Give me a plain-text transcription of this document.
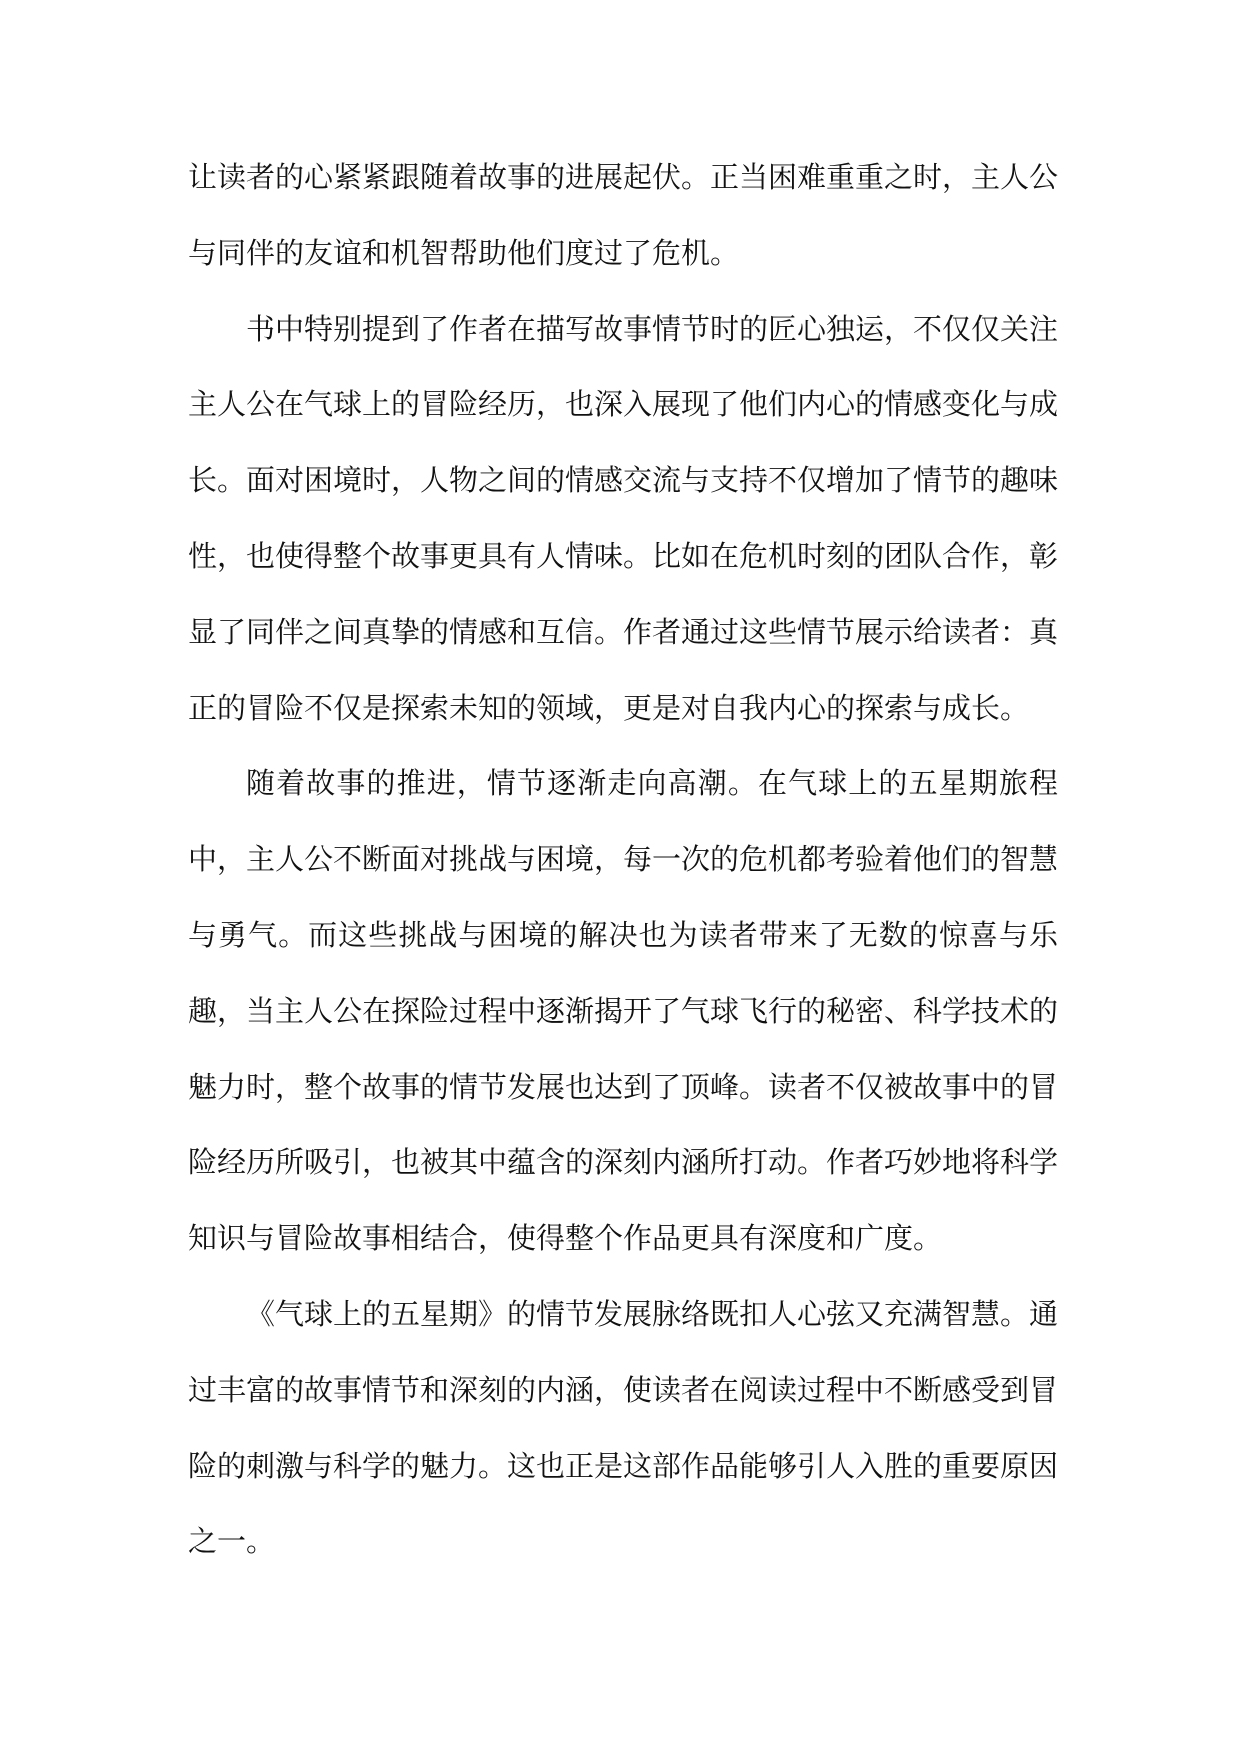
让读者的心紧紧跟随着故事的进展起伏。正当困难重重之时，主人公与同伴的友谊和机智帮助他们度过了危机。

书中特别提到了作者在描写故事情节时的匠心独运，不仅仅关注主人公在气球上的冒险经历，也深入展现了他们内心的情感变化与成长。面对困境时，人物之间的情感交流与支持不仅增加了情节的趣味性，也使得整个故事更具有人情味。比如在危机时刻的团队合作，彰显了同伴之间真挚的情感和互信。作者通过这些情节展示给读者：真正的冒险不仅是探索未知的领域，更是对自我内心的探索与成长。

随着故事的推进，情节逐渐走向高潮。在气球上的五星期旅程中，主人公不断面对挑战与困境，每一次的危机都考验着他们的智慧与勇气。而这些挑战与困境的解决也为读者带来了无数的惊喜与乐趣，当主人公在探险过程中逐渐揭开了气球飞行的秘密、科学技术的魅力时，整个故事的情节发展也达到了顶峰。读者不仅被故事中的冒险经历所吸引，也被其中蕴含的深刻内涵所打动。作者巧妙地将科学知识与冒险故事相结合，使得整个作品更具有深度和广度。

《气球上的五星期》的情节发展脉络既扣人心弦又充满智慧。通过丰富的故事情节和深刻的内涵，使读者在阅读过程中不断感受到冒险的刺激与科学的魅力。这也正是这部作品能够引人入胜的重要原因之一。
